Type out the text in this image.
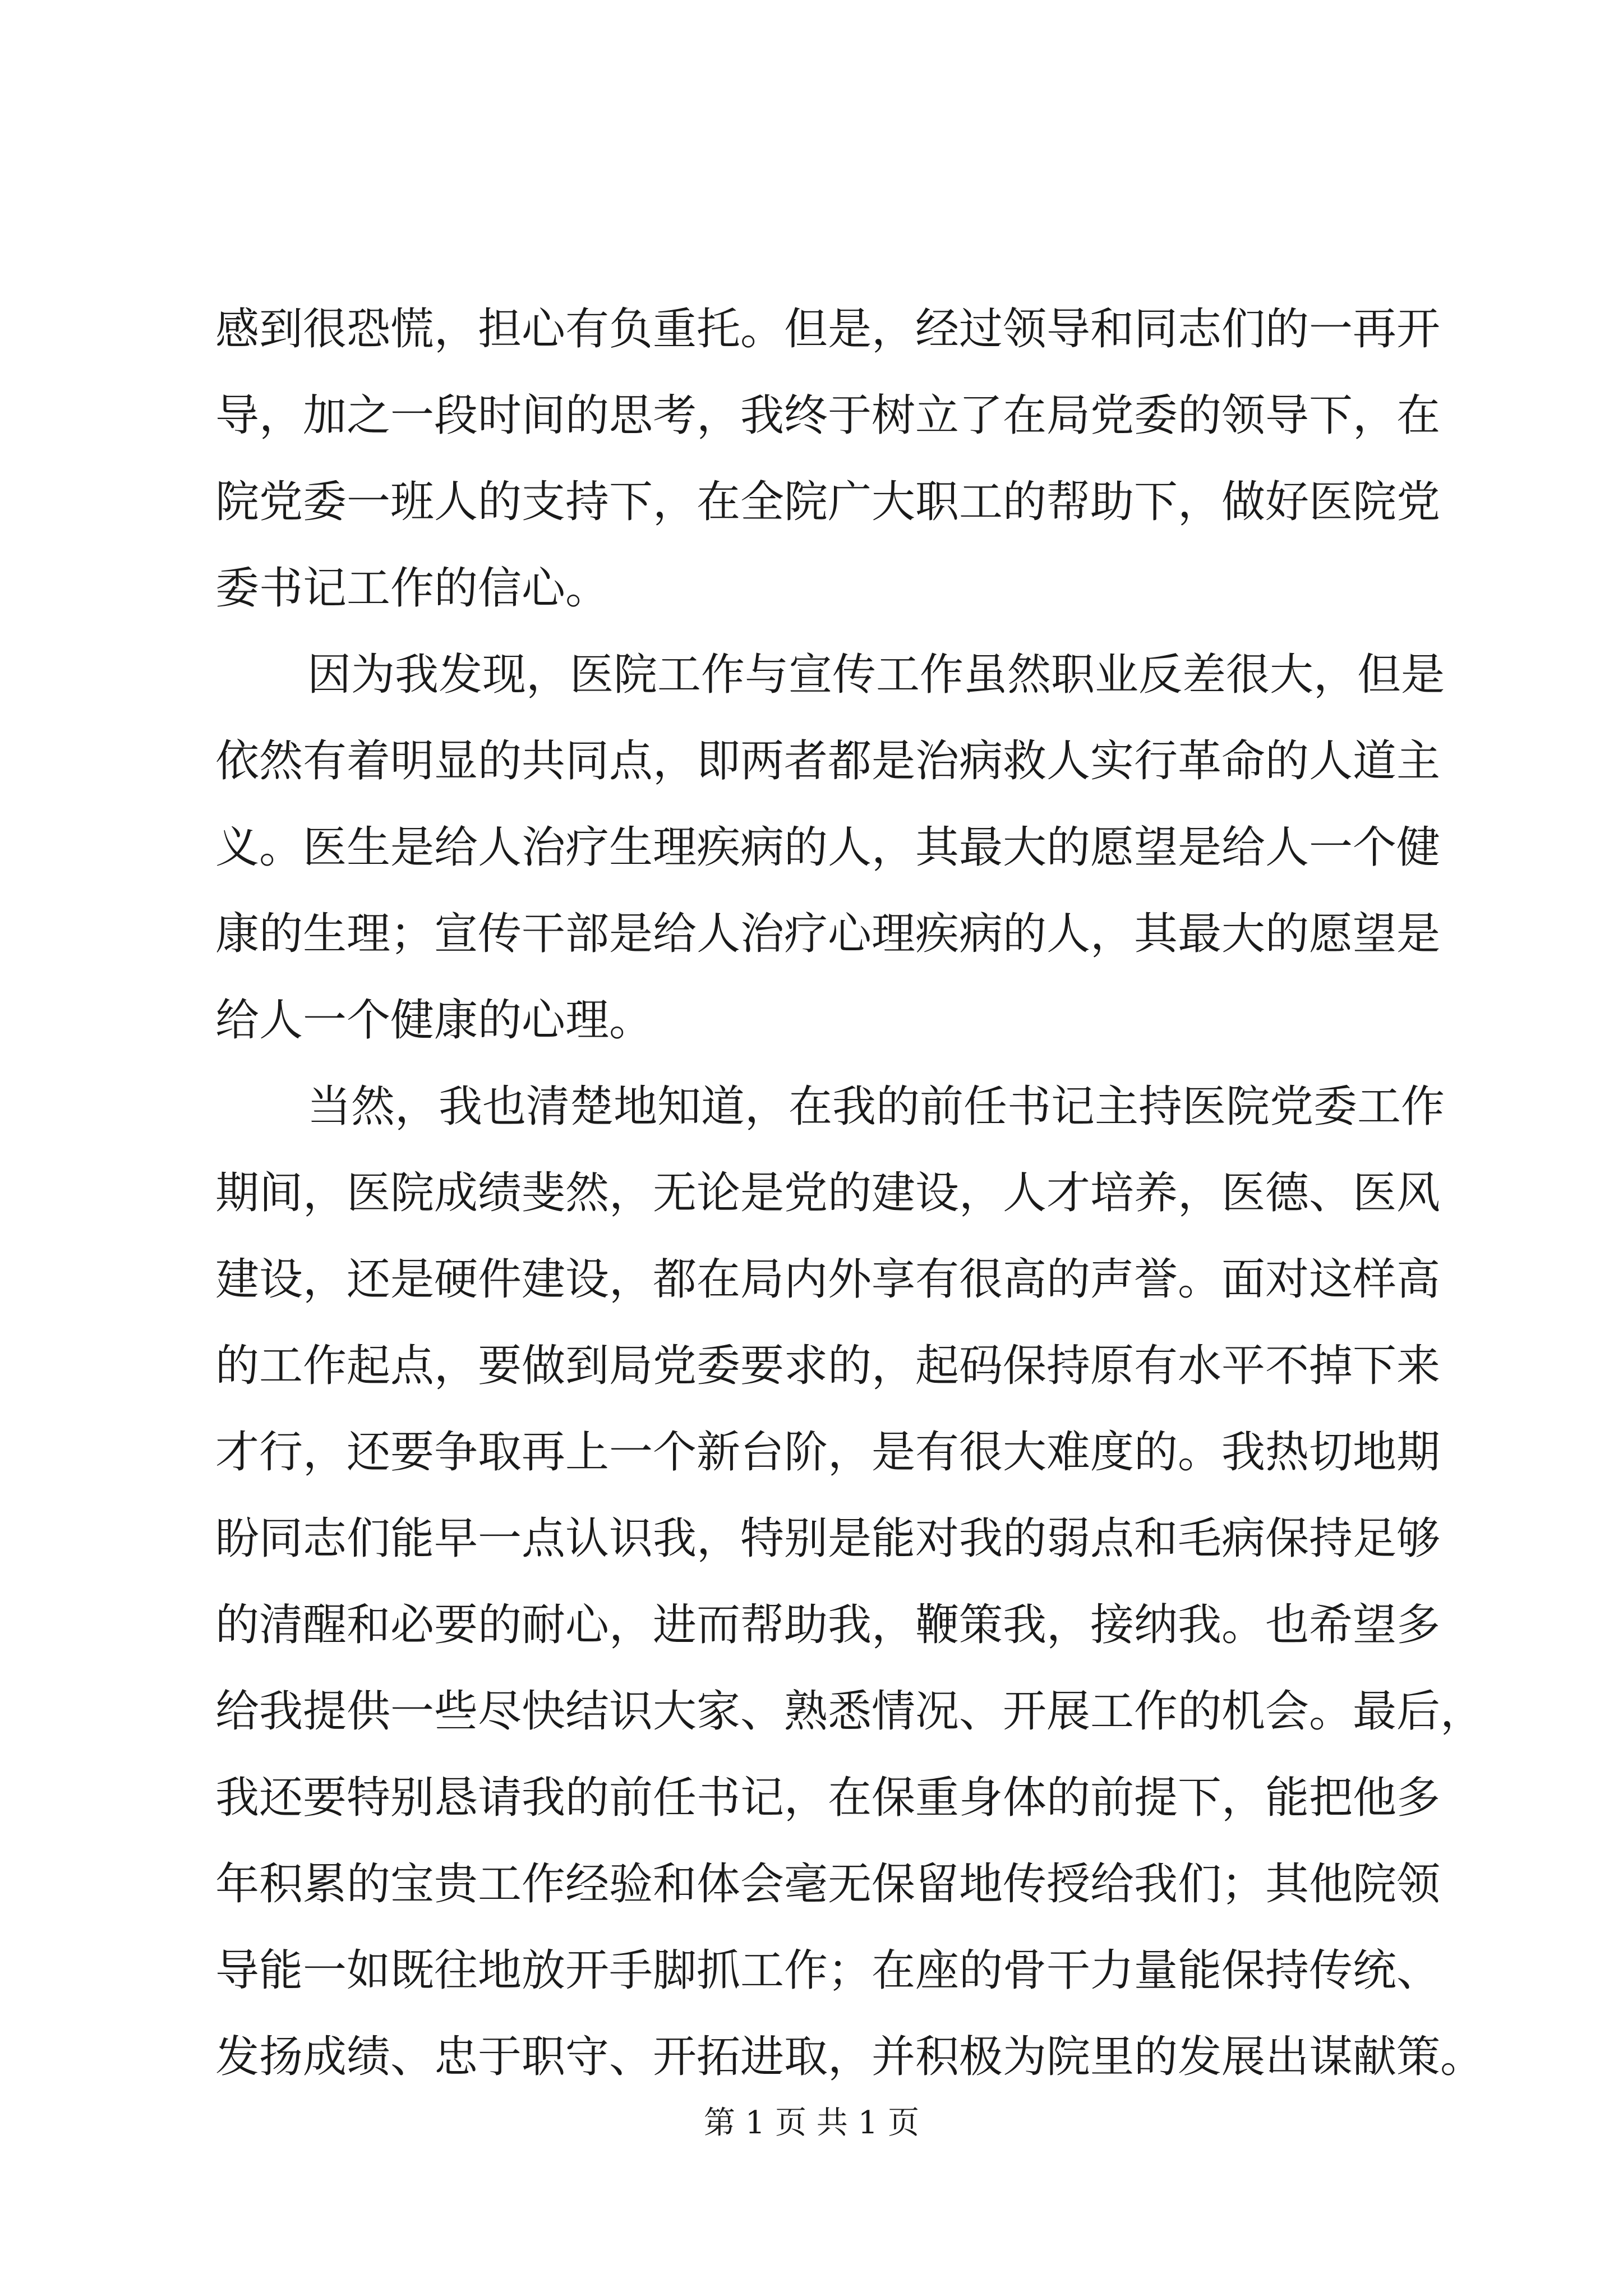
感到很恐慌，担心有负重托。但是，经过领导和同志们的一再开
导，加之一段时间的思考，我终于树立了在局党委的领导下，在
院党委一班人的支持下，在全院广大职工的帮助下，做好医院党
委书记工作的信心。
因为我发现，医院工作与宣传工作虽然职业反差很大，但是
依然有着明显的共同点，即两者都是治病救人实行革命的人道主
义。医生是给人治疗生理疾病的人，其最大的愿望是给人一个健
康的生理；宣传干部是给人治疗心理疾病的人，其最大的愿望是
给人一个健康的心理。
当然，我也清楚地知道，在我的前任书记主持医院党委工作
期间，医院成绩斐然，无论是党的建设，人才培养，医德、医风
建设，还是硬件建设，都在局内外享有很高的声誉。面对这样高
的工作起点，要做到局党委要求的，起码保持原有水平不掉下来
才行，还要争取再上一个新台阶，是有很大难度的。我热切地期
盼同志们能早一点认识我，特别是能对我的弱点和毛病保持足够
的清醒和必要的耐心，进而帮助我，鞭策我，接纳我。也希望多
给我提供一些尽快结识大家、熟悉情况、开展工作的机会。最后，
我还要特别恳请我的前任书记，在保重身体的前提下，能把他多
年积累的宝贵工作经验和体会毫无保留地传授给我们；其他院领
导能一如既往地放开手脚抓工作；在座的骨干力量能保持传统、
发扬成绩、忠于职守、开拓进取，并积极为院里的发展出谋献策。
第 1 页 共 1 页
